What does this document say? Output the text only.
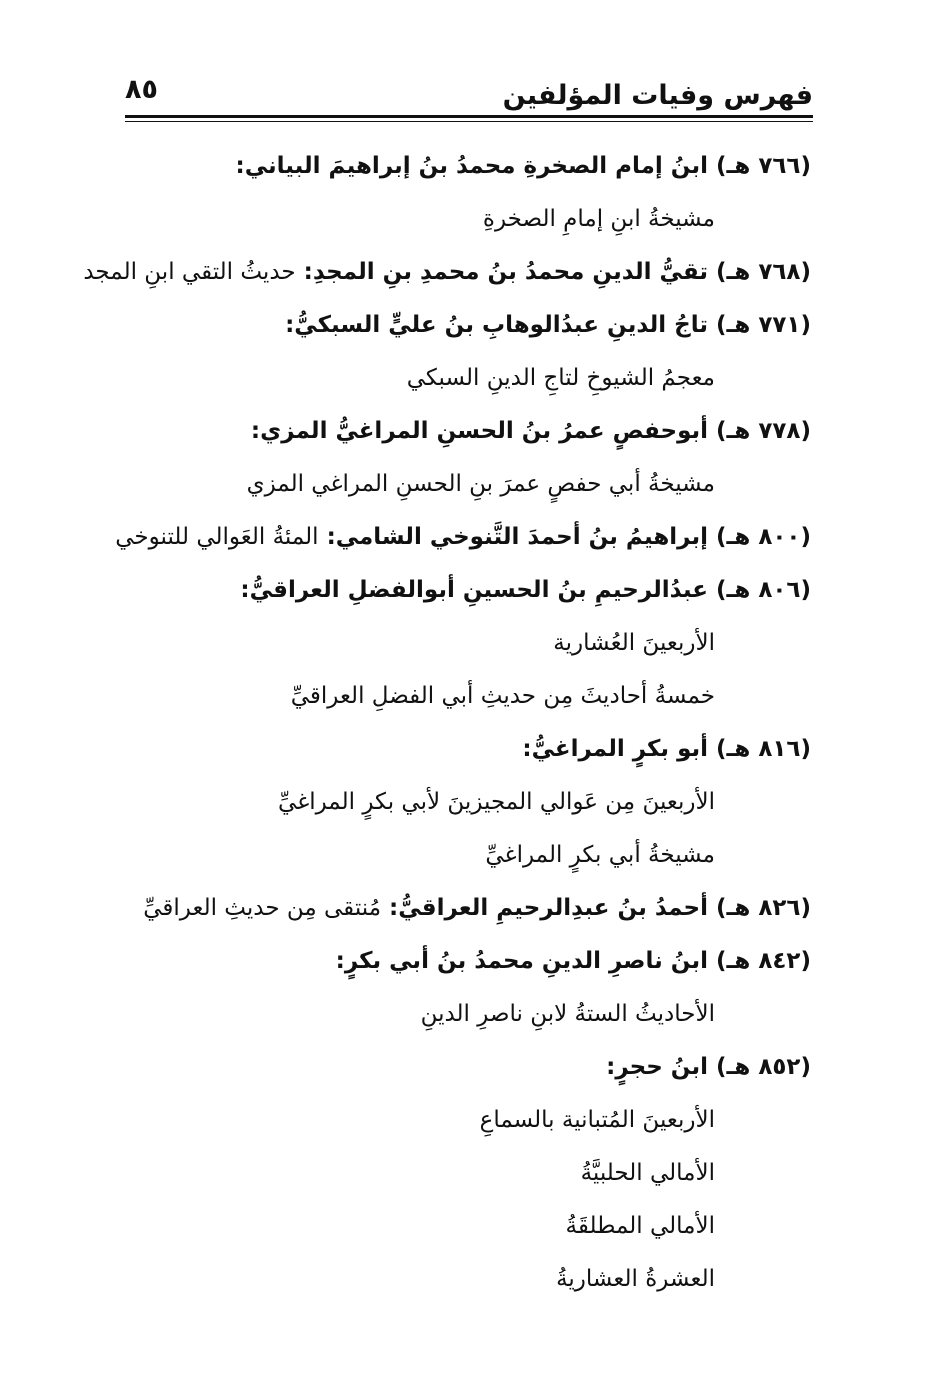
٨٥	فهرس وفيات المؤلفين
(٧٦٦ هـ) ابنُ إمام الصخرةِ محمدُ بنُ إبراهيمَ البياني:
مشيخةُ ابنِ إمامِ الصخرةِ
(٧٦٨ هـ) تقيُّ الدينِ محمدُ بنُ محمدِ بنِ المجدِ: حديثُ التقي ابنِ المجد
(٧٧١ هـ) تاجُ الدينِ عبدُالوهابِ بنُ عليٍّ السبكيُّ:
معجمُ الشيوخِ لتاجِ الدينِ السبكي
(٧٧٨ هـ) أبوحفصٍ عمرُ بنُ الحسنِ المراغيُّ المزي:
مشيخةُ أبي حفصٍ عمرَ بنِ الحسنِ المراغي المزي
(٨٠٠ هـ) إبراهيمُ بنُ أحمدَ التَّنوخي الشامي: المئةُ العَوالي للتنوخي
(٨٠٦ هـ) عبدُالرحيمِ بنُ الحسينِ أبوالفضلِ العراقيُّ:
الأربعينَ العُشارية
خمسةُ أحاديثَ مِن حديثِ أبي الفضلِ العراقيِّ
(٨١٦ هـ) أبو بكرٍ المراغيُّ:
الأربعينَ مِن عَوالي المجيزينَ لأبي بكرٍ المراغيِّ
مشيخةُ أبي بكرٍ المراغيِّ
(٨٢٦ هـ) أحمدُ بنُ عبدِالرحيمِ العراقيُّ: مُنتقى مِن حديثِ العراقيِّ
(٨٤٢ هـ) ابنُ ناصرِ الدينِ محمدُ بنُ أبي بكرٍ:
الأحاديثُ الستةُ لابنِ ناصرِ الدينِ
(٨٥٢ هـ) ابنُ حجرٍ:
الأربعينَ المُتبانية بالسماعِ
الأمالي الحلبيَّةُ
الأمالي المطلقَةُ
العشرةُ العشاريةُ
